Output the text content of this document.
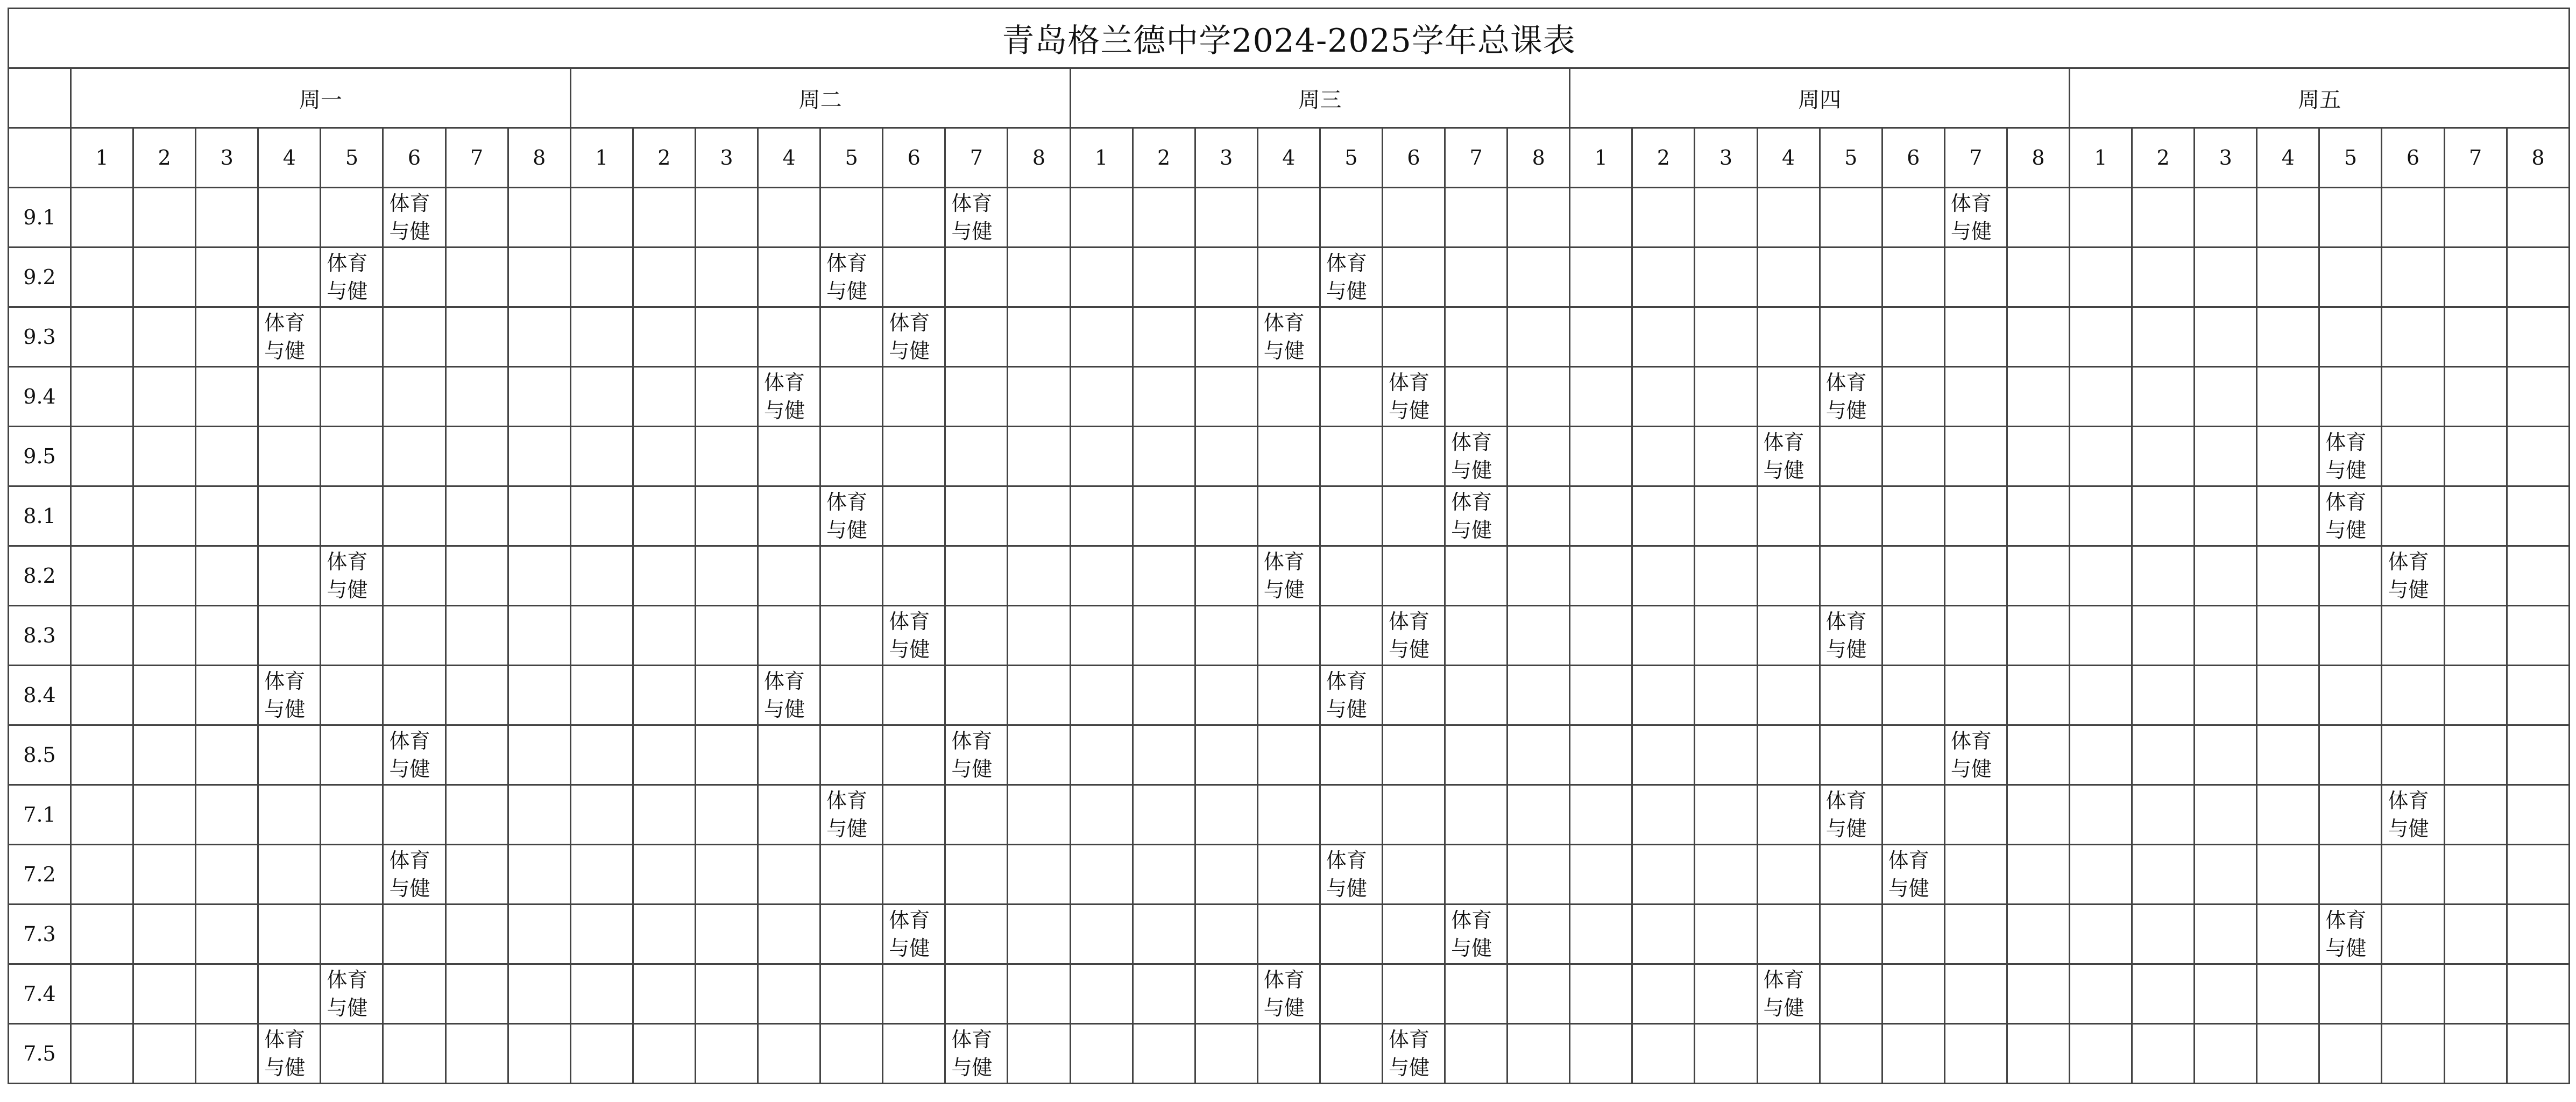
青岛格兰德中学2024-2025学年总课表																																								
	周一								周二								周三								周四								周五							
	1	2	3	4	5	6	7	8	1	2	3	4	5	6	7	8	1	2	3	4	5	6	7	8	1	2	3	4	5	6	7	8	1	2	3	4	5	6	7	8
9.1						体育与健									体育与健																体育与健									
9.2					体育与健								体育与健								体育与健																			
9.3				体育与健										体育与健						体育与健																				
9.4												体育与健										体育与健							体育与健											
9.5																							体育与健					体育与健									体育与健			
8.1													体育与健										体育与健														体育与健			
8.2					体育与健															体育与健																		体育与健		
8.3														体育与健								体育与健							体育与健											
8.4				体育与健								体育与健									体育与健																			
8.5						体育与健									体育与健																体育与健									
7.1													体育与健																体育与健									体育与健		
7.2						体育与健															体育与健									体育与健										
7.3														体育与健									体育与健														体育与健			
7.4					体育与健															体育与健								体育与健												
7.5				体育与健											体育与健							体育与健																		
